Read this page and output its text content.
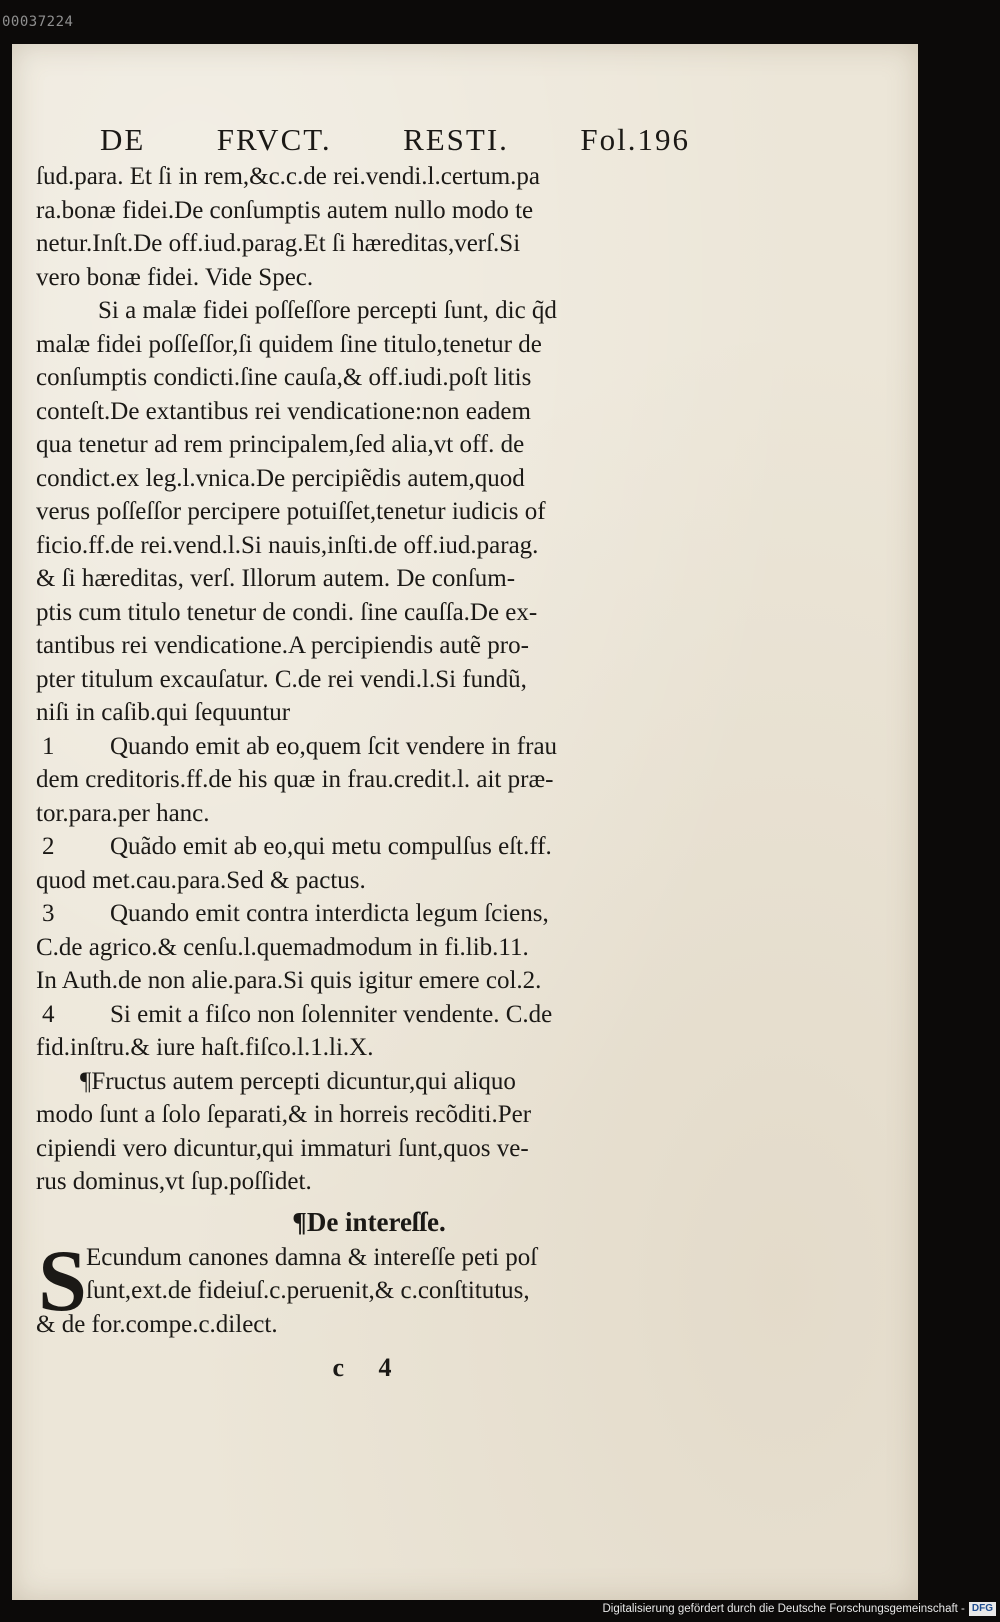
00037224
DE FRVCT. RESTI. Fol.196
ſud.para. Et ſi in rem,&c.c.de rei.vendi.l.certum.pa
ra.bonæ fidei.De conſumptis autem nullo modo te
netur.Inſt.De off.iud.parag.Et ſi hæreditas,verſ.Si
vero bonæ fidei. Vide Spec.
Si a malæ fidei poſſeſſore percepti ſunt, dic q̃d
malæ fidei poſſeſſor,ſi quidem ſine titulo,tenetur de
conſumptis condicti.ſine cauſa,& off.iudi.poſt litis
conteſt.De extantibus rei vendicatione:non eadem
qua tenetur ad rem principalem,ſed alia,vt off. de
condict.ex leg.l.vnica.De percipiẽdis autem,quod
verus poſſeſſor percipere potuiſſet,tenetur iudicis of
ficio.ff.de rei.vend.l.Si nauis,inſti.de off.iud.parag.
& ſi hæreditas, verſ. Illorum autem. De conſum-
ptis cum titulo tenetur de condi. ſine cauſſa.De ex-
tantibus rei vendicatione.A percipiendis autẽ pro-
pter titulum excauſatur. C.de rei vendi.l.Si fundũ,
niſi in caſib.qui ſequuntur
1	Quando emit ab eo,quem ſcit vendere in frau
dem creditoris.ff.de his quæ in frau.credit.l. ait præ-
tor.para.per hanc.
2	Quãdo emit ab eo,qui metu compulſus eſt.ff.
quod met.cau.para.Sed & pactus.
3	Quando emit contra interdicta legum ſciens,
C.de agrico.& cenſu.l.quemadmodum in fi.lib.11.
In Auth.de non alie.para.Si quis igitur emere col.2.
4	Si emit a fiſco non ſolenniter vendente. C.de
fid.inſtru.& iure haſt.fiſco.l.1.li.X.
¶Fructus autem percepti dicuntur,qui aliquo
modo ſunt a ſolo ſeparati,& in horreis recõditi.Per
cipiendi vero dicuntur,qui immaturi ſunt,quos ve-
rus dominus,vt ſup.poſſidet.
¶De intereſſe.
S Ecundum canones damna & intereſſe peti poſ
ſunt,ext.de fideiuſ.c.peruenit,& c.conſtitutus,
& de for.compe.c.dilect.
c 4
Digitalisierung gefördert durch die Deutsche Forschungsgemeinschaft - DFG
